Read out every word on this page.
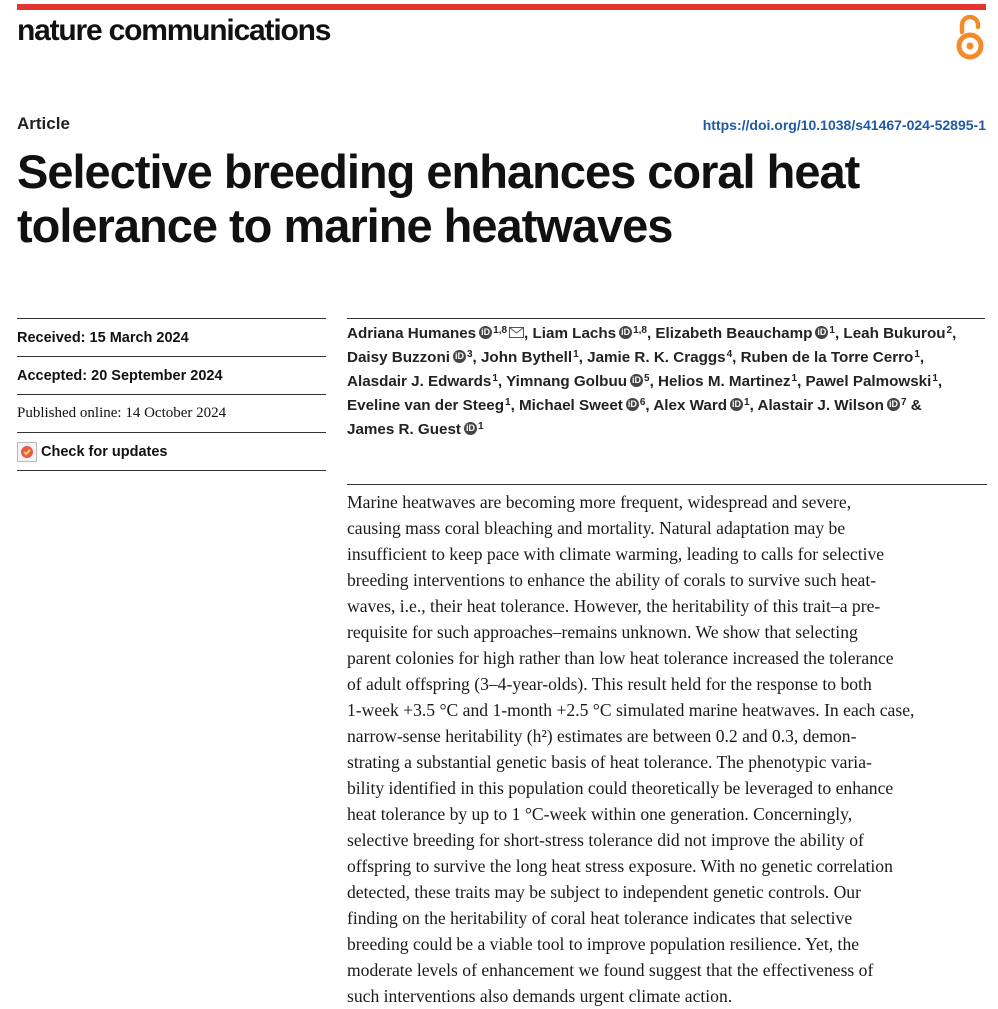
nature communications
Article	https://doi.org/10.1038/s41467-024-52895-1
Selective breeding enhances coral heat
tolerance to marine heatwaves
Received: 15 March 2024
Accepted: 20 September 2024
Published online: 14 October 2024
Check for updates
Adriana Humanes iD $^{1,8}$ , Liam Lachs iD $^{1,8}$, Elizabeth Beauchamp iD $^1$, Leah Bukurou$^2$, Daisy Buzzoni iD $^3$, John Bythell$^1$, Jamie R. K. Craggs$^4$, Ruben de la Torre Cerro$^1$, Alasdair J. Edwards$^1$, Yimnang Golbuu iD $^5$, Helios M. Martinez$^1$, Pawel Palmowski$^1$, Eveline van der Steeg$^1$, Michael Sweet iD $^6$, Alex Ward iD $^1$, Alastair J. Wilson iD $^7$ & James R. Guest iD $^1$
Marine heatwaves are becoming more frequent, widespread and severe,
causing mass coral bleaching and mortality. Natural adaptation may be
insufficient to keep pace with climate warming, leading to calls for selective
breeding interventions to enhance the ability of corals to survive such heat-
waves, i.e., their heat tolerance. However, the heritability of this trait–a pre-
requisite for such approaches–remains unknown. We show that selecting
parent colonies for high rather than low heat tolerance increased the tolerance
of adult offspring (3–4-year-olds). This result held for the response to both
1-week +3.5 °C and 1-month +2.5 °C simulated marine heatwaves. In each case,
narrow-sense heritability (h²) estimates are between 0.2 and 0.3, demon-
strating a substantial genetic basis of heat tolerance. The phenotypic varia-
bility identified in this population could theoretically be leveraged to enhance
heat tolerance by up to 1 °C-week within one generation. Concerningly,
selective breeding for short-stress tolerance did not improve the ability of
offspring to survive the long heat stress exposure. With no genetic correlation
detected, these traits may be subject to independent genetic controls. Our
finding on the heritability of coral heat tolerance indicates that selective
breeding could be a viable tool to improve population resilience. Yet, the
moderate levels of enhancement we found suggest that the effectiveness of
such interventions also demands urgent climate action.
